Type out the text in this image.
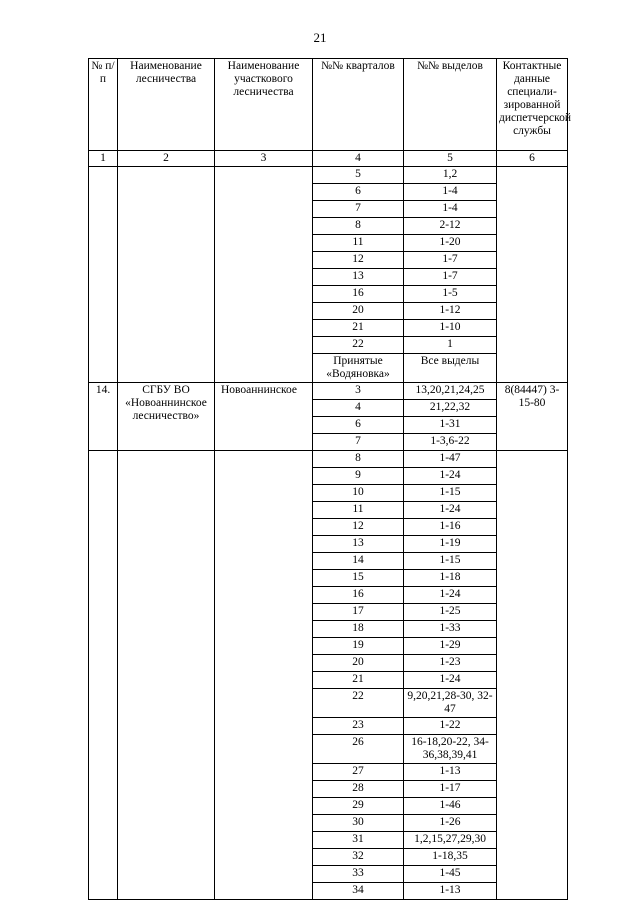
21
№ п/п	Наименование лесничества	Наименование участкового лесничества	№№ кварталов	№№ выделов	Контактные данные специали-зированной диспетчерской службы
1	2	3	4	5	6
			5	1,2	
			6	1-4	
			7	1-4	
			8	2-12	
			11	1-20	
			12	1-7	
			13	1-7	
			16	1-5	
			20	1-12	
			21	1-10	
			22	1	
			Принятые «Водяновка»	Все выделы	
14.	СГБУ ВО «Новоаннинское лесничество»	Новоаннинское	3	13,20,21,24,25	8(84447) 3-15-80
			4	21,22,32	
			6	1-31	
			7	1-3,6-22	
			8	1-47	
			9	1-24	
			10	1-15	
			11	1-24	
			12	1-16	
			13	1-19	
			14	1-15	
			15	1-18	
			16	1-24	
			17	1-25	
			18	1-33	
			19	1-29	
			20	1-23	
			21	1-24	
			22	9,20,21,28-30, 32-47	
			23	1-22	
			26	16-18,20-22, 34-36,38,39,41	
			27	1-13	
			28	1-17	
			29	1-46	
			30	1-26	
			31	1,2,15,27,29,30	
			32	1-18,35	
			33	1-45	
			34	1-13	
